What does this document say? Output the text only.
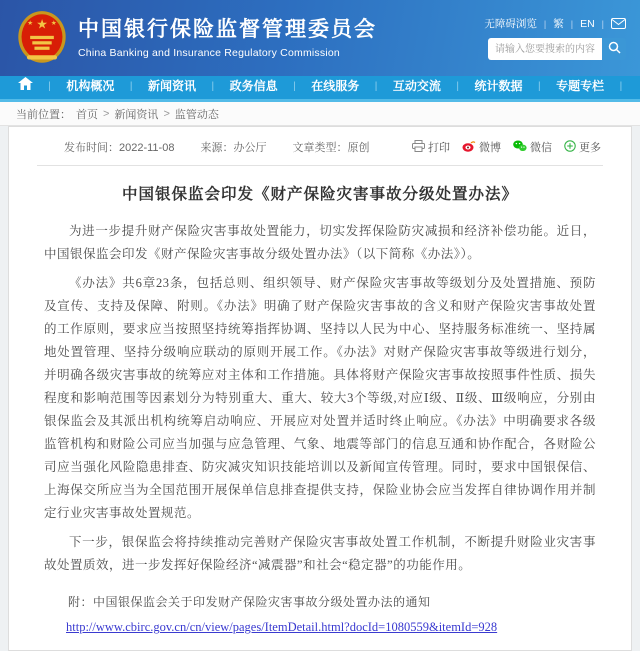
★
★	★ 中国银行保险监督管理委员会
China Banking and Insurance Regulatory Commission
无障碍浏览 | 繁 | EN |
请输入您要搜索的内容...
| 机构概况 | 新闻资讯 | 政务信息 | 在线服务 | 互动交流 | 统计数据 | 专题专栏 |
当前位置： 首页 > 新闻资讯 > 监管动态
发布时间：2022-11-08 来源：办公厅 文章类型：原创	打印	微博	微信 更多
中国银保监会印发《财产保险灾害事故分级处置办法》

为进一步提升财产保险灾害事故处置能力，切实发挥保险防灾减损和经济补偿功能。近日，中国银保监会印发《财产保险灾害事故分级处置办法》（以下简称《办法》）。

《办法》共6章23条，包括总则、组织领导、财产保险灾害事故等级划分及处置措施、预防及宣传、支持及保障、附则。《办法》明确了财产保险灾害事故的含义和财产保险灾害事故处置的工作原则，要求应当按照坚持统筹指挥协调、坚持以人民为中心、坚持服务标准统一、坚持属地处置管理、坚持分级响应联动的原则开展工作。《办法》对财产保险灾害事故等级进行划分，并明确各级灾害事故的统筹应对主体和工作措施。具体将财产保险灾害事故按照事件性质、损失程度和影响范围等因素划分为特别重大、重大、较大3个等级,对应Ⅰ级、Ⅱ级、Ⅲ级响应，分别由银保监会及其派出机构统筹启动响应、开展应对处置并适时终止响应。《办法》中明确要求各级监管机构和财险公司应当加强与应急管理、气象、地震等部门的信息互通和协作配合，各财险公司应当强化风险隐患排查、防灾减灾知识技能培训以及新闻宣传管理。同时，要求中国银保信、上海保交所应当为全国范围开展保单信息排查提供支持，保险业协会应当发挥自律协调作用并制定行业灾害事故处置规范。

下一步，银保监会将持续推动完善财产保险灾害事故处置工作机制，不断提升财险业灾害事故处置质效，进一步发挥好保险经济“减震器”和社会“稳定器”的功能作用。

附：中国银保监会关于印发财产保险灾害事故分级处置办法的通知
http://www.cbirc.gov.cn/cn/view/pages/ItemDetail.html?docId=1080559&itemId=928
